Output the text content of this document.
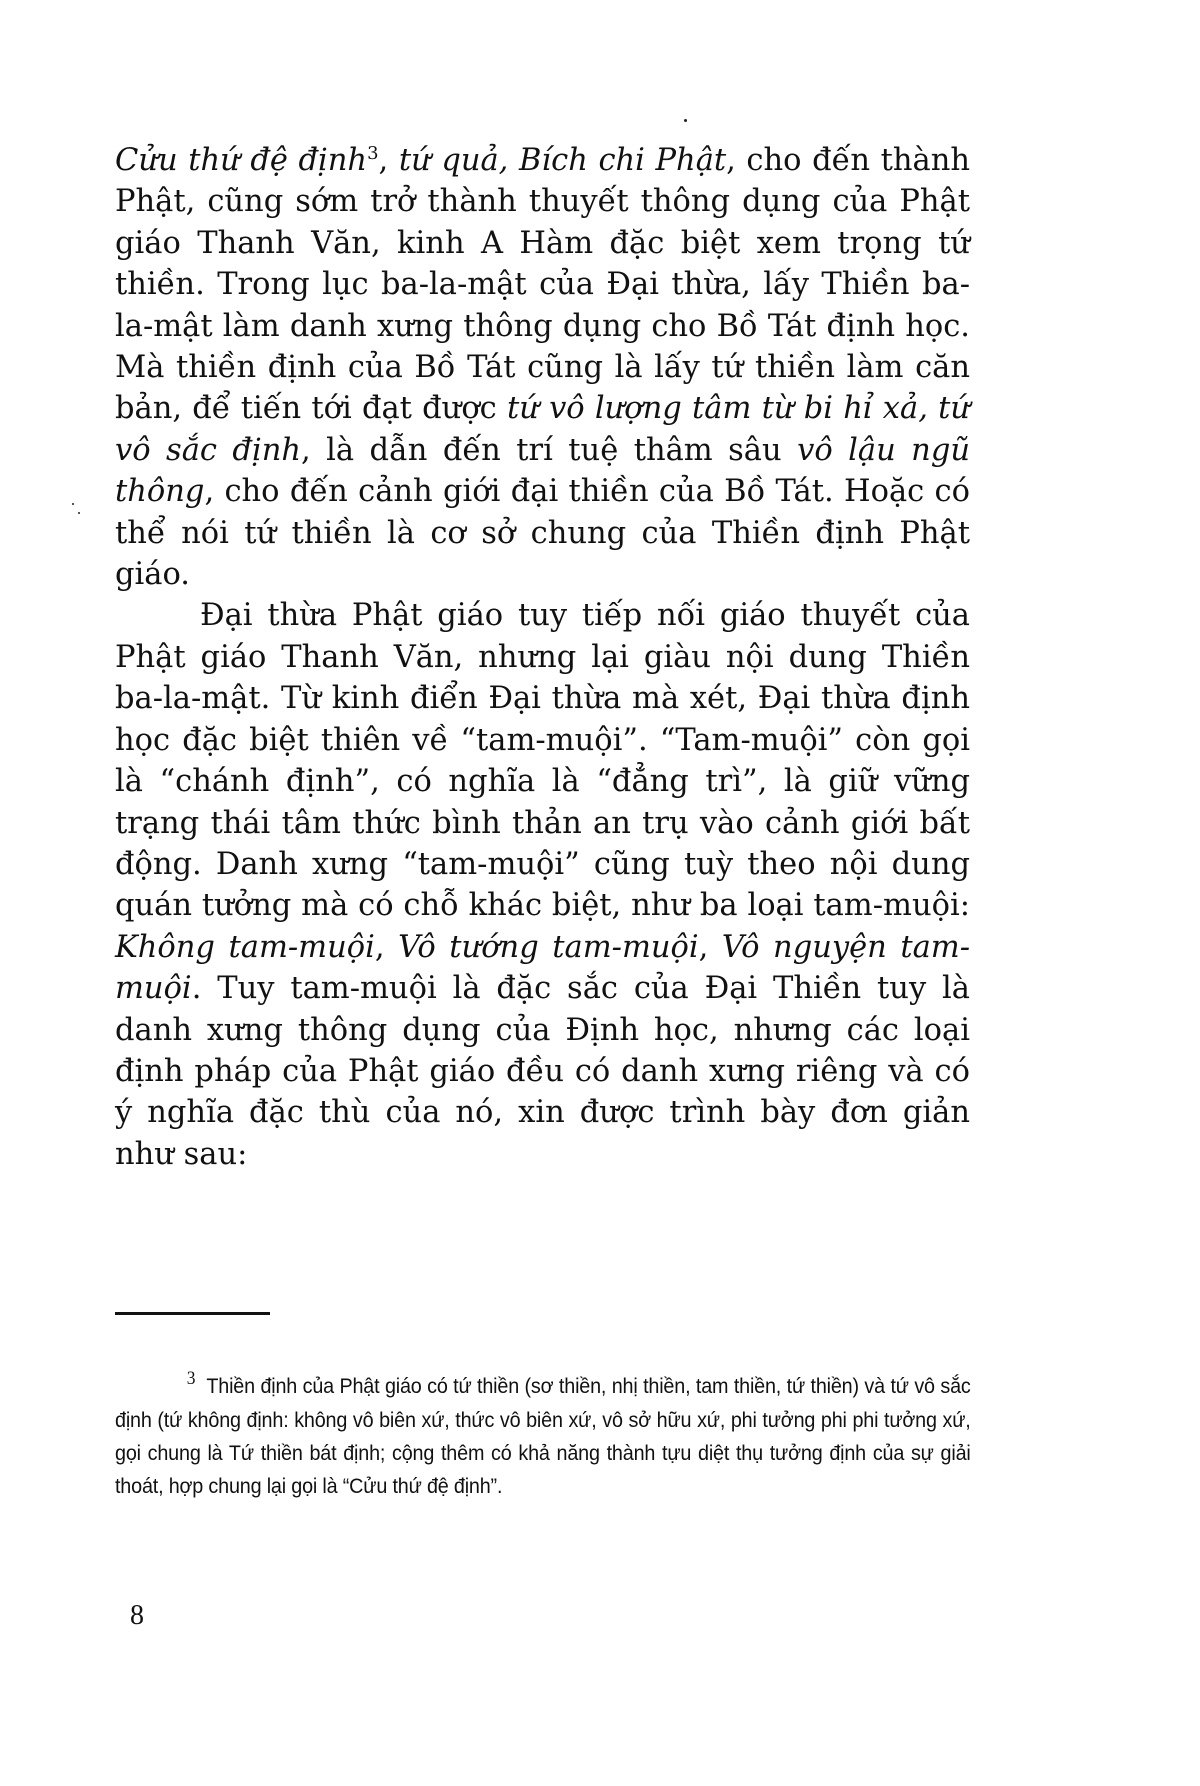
Cửu thứ đệ định$^3$, tứ quả, Bích chi Phật, cho đến thành Phật, cũng sớm trở thành thuyết thông dụng của Phật giáo Thanh Văn, kinh A Hàm đặc biệt xem trọng tứ thiền. Trong lục ba-la-mật của Đại thừa, lấy Thiền ba-la-mật làm danh xưng thông dụng cho Bồ Tát định học. Mà thiền định của Bồ Tát cũng là lấy tứ thiền làm căn bản, để tiến tới đạt được tứ vô lượng tâm từ bi hỉ xả, tứ vô sắc định, là dẫn đến trí tuệ thâm sâu vô lậu ngũ thông, cho đến cảnh giới đại thiền của Bồ Tát. Hoặc có thể nói tứ thiền là cơ sở chung của Thiền định Phật giáo.

Đại thừa Phật giáo tuy tiếp nối giáo thuyết của Phật giáo Thanh Văn, nhưng lại giàu nội dung Thiền ba-la-mật. Từ kinh điển Đại thừa mà xét, Đại thừa định học đặc biệt thiên về “tam-muội”. “Tam-muội” còn gọi là “chánh định”, có nghĩa là “đẳng trì”, là giữ vững trạng thái tâm thức bình thản an trụ vào cảnh giới bất động. Danh xưng “tam-muội” cũng tuỳ theo nội dung quán tưởng mà có chỗ khác biệt, như ba loại tam-muội: Không tam-muội, Vô tướng tam-muội, Vô nguyện tam-muội. Tuy tam-muội là đặc sắc của Đại Thiền tuy là danh xưng thông dụng của Định học, nhưng các loại định pháp của Phật giáo đều có danh xưng riêng và có ý nghĩa đặc thù của nó, xin được trình bày đơn giản như sau:

3 Thiền định của Phật giáo có tứ thiền (sơ thiền, nhị thiền, tam thiền, tứ thiền) và tứ vô sắc định (tứ không định: không vô biên xứ, thức vô biên xứ, vô sở hữu xứ, phi tưởng phi phi tưởng xứ, gọi chung là Tứ thiền bát định; cộng thêm có khả năng thành tựu diệt thụ tưởng định của sự giải thoát, hợp chung lại gọi là “Cửu thứ đệ định”.

8
